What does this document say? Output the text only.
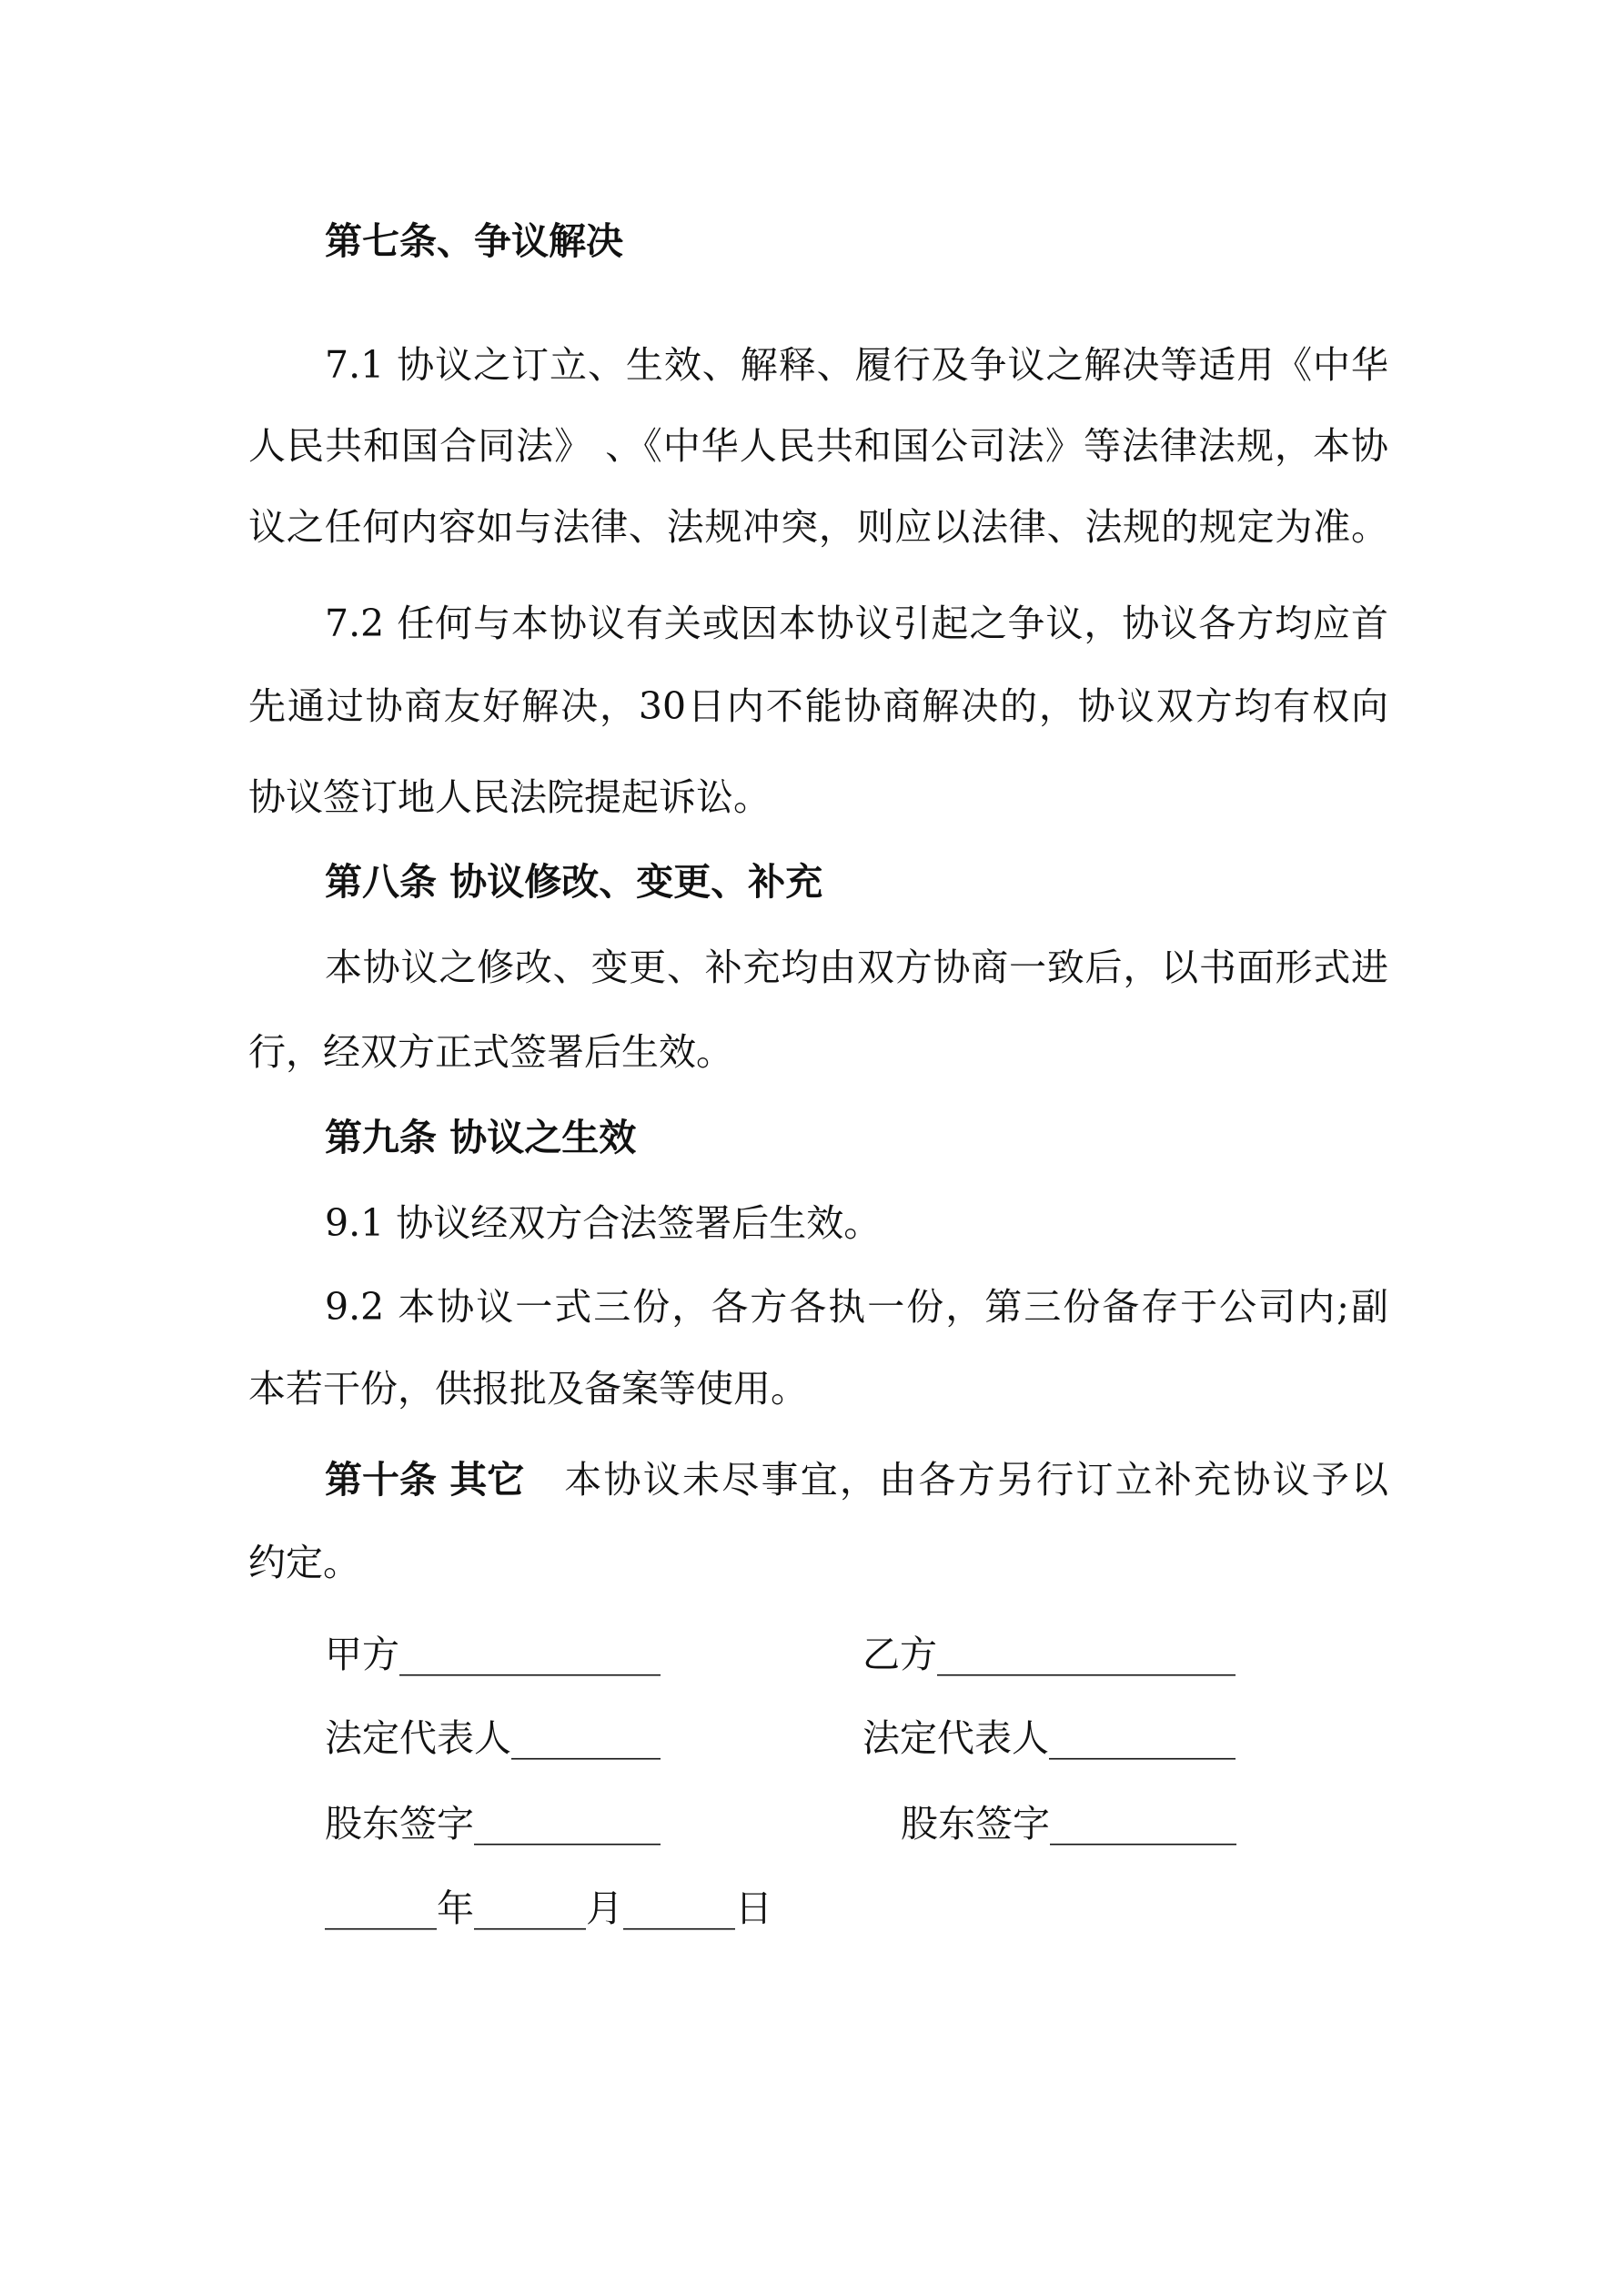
第七条、争议解决
7.1 协议之订立、生效、解释、履行及争议之解决等适用《中华
人民共和国合同法》 、《中华人民共和国公司法》等法律法规，本协
议之任何内容如与法律、法规冲突，则应以法律、法规的规定为准。
7.2 任何与本协议有关或因本协议引起之争议，协议各方均应首
先通过协商友好解决，30日内不能协商解决的，协议双方均有权向
协议签订地人民法院提起诉讼。
第八条 协议修改、变更、补充
本协议之修改、变更、补充均由双方协商一致后，以书面形式进
行，经双方正式签署后生效。
第九条 协议之生效
9.1 协议经双方合法签署后生效。
9.2 本协议一式三份，各方各执一份，第三份备存于公司内;副
本若干份，供报批及备案等使用。
第十条 其它 本协议未尽事宜，由各方另行订立补充协议予以
约定。
甲方______________	乙方________________
法定代表人________	法定代表人__________
股东签字__________	股东签字__________
______年______月______日
